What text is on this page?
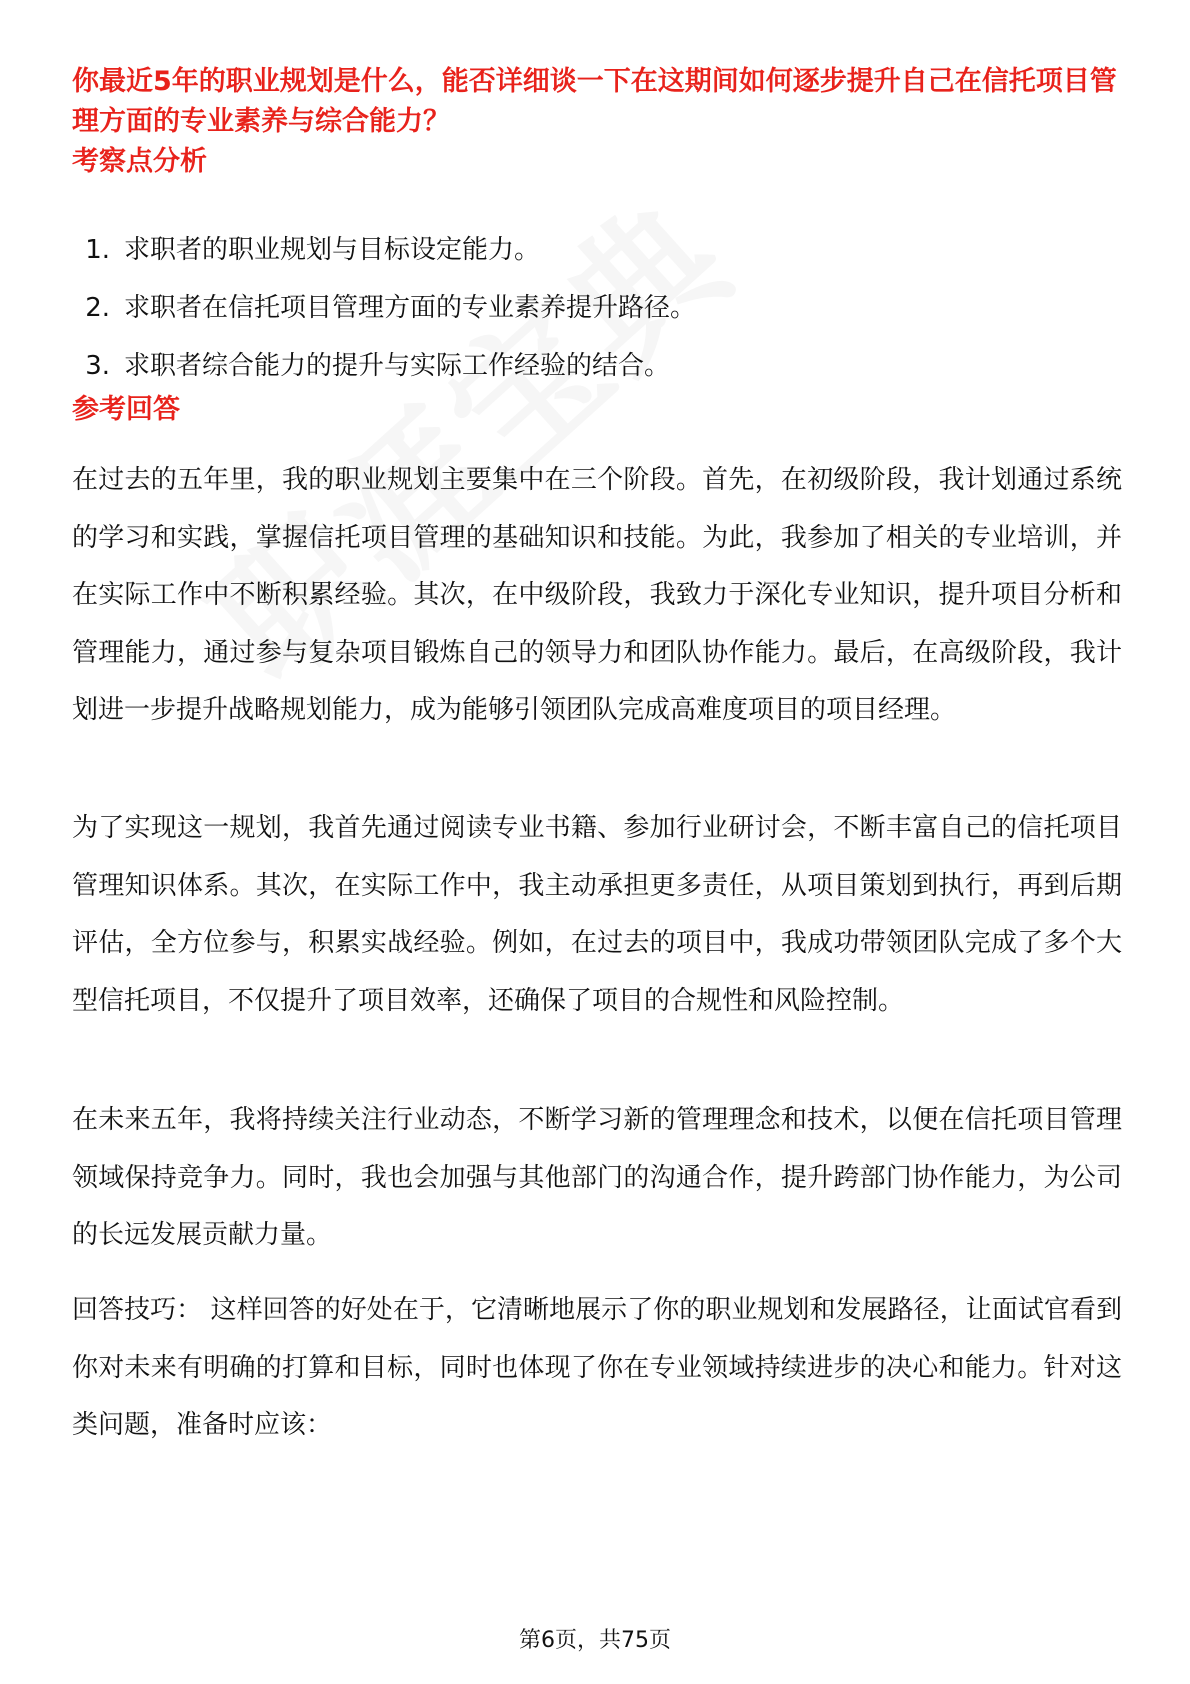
你最近5年的职业规划是什么，能否详细谈一下在这期间如何逐步提升自己在信托项目管理方面的专业素养与综合能力？
考察点分析
1. 求职者的职业规划与目标设定能力。
2. 求职者在信托项目管理方面的专业素养提升路径。
3. 求职者综合能力的提升与实际工作经验的结合。
参考回答

在过去的五年里，我的职业规划主要集中在三个阶段。首先，在初级阶段，我计划通过系统的学习和实践，掌握信托项目管理的基础知识和技能。为此，我参加了相关的专业培训，并在实际工作中不断积累经验。其次，在中级阶段，我致力于深化专业知识，提升项目分析和管理能力，通过参与复杂项目锻炼自己的领导力和团队协作能力。最后，在高级阶段，我计划进一步提升战略规划能力，成为能够引领团队完成高难度项目的项目经理。

为了实现这一规划，我首先通过阅读专业书籍、参加行业研讨会，不断丰富自己的信托项目管理知识体系。其次，在实际工作中，我主动承担更多责任，从项目策划到执行，再到后期评估，全方位参与，积累实战经验。例如，在过去的项目中，我成功带领团队完成了多个大型信托项目，不仅提升了项目效率，还确保了项目的合规性和风险控制。

在未来五年，我将持续关注行业动态，不断学习新的管理理念和技术，以便在信托项目管理领域保持竞争力。同时，我也会加强与其他部门的沟通合作，提升跨部门协作能力，为公司的长远发展贡献力量。

回答技巧： 这样回答的好处在于，它清晰地展示了你的职业规划和发展路径，让面试官看到你对未来有明确的打算和目标，同时也体现了你在专业领域持续进步的决心和能力。针对这类问题，准备时应该：

第6页，共75页
